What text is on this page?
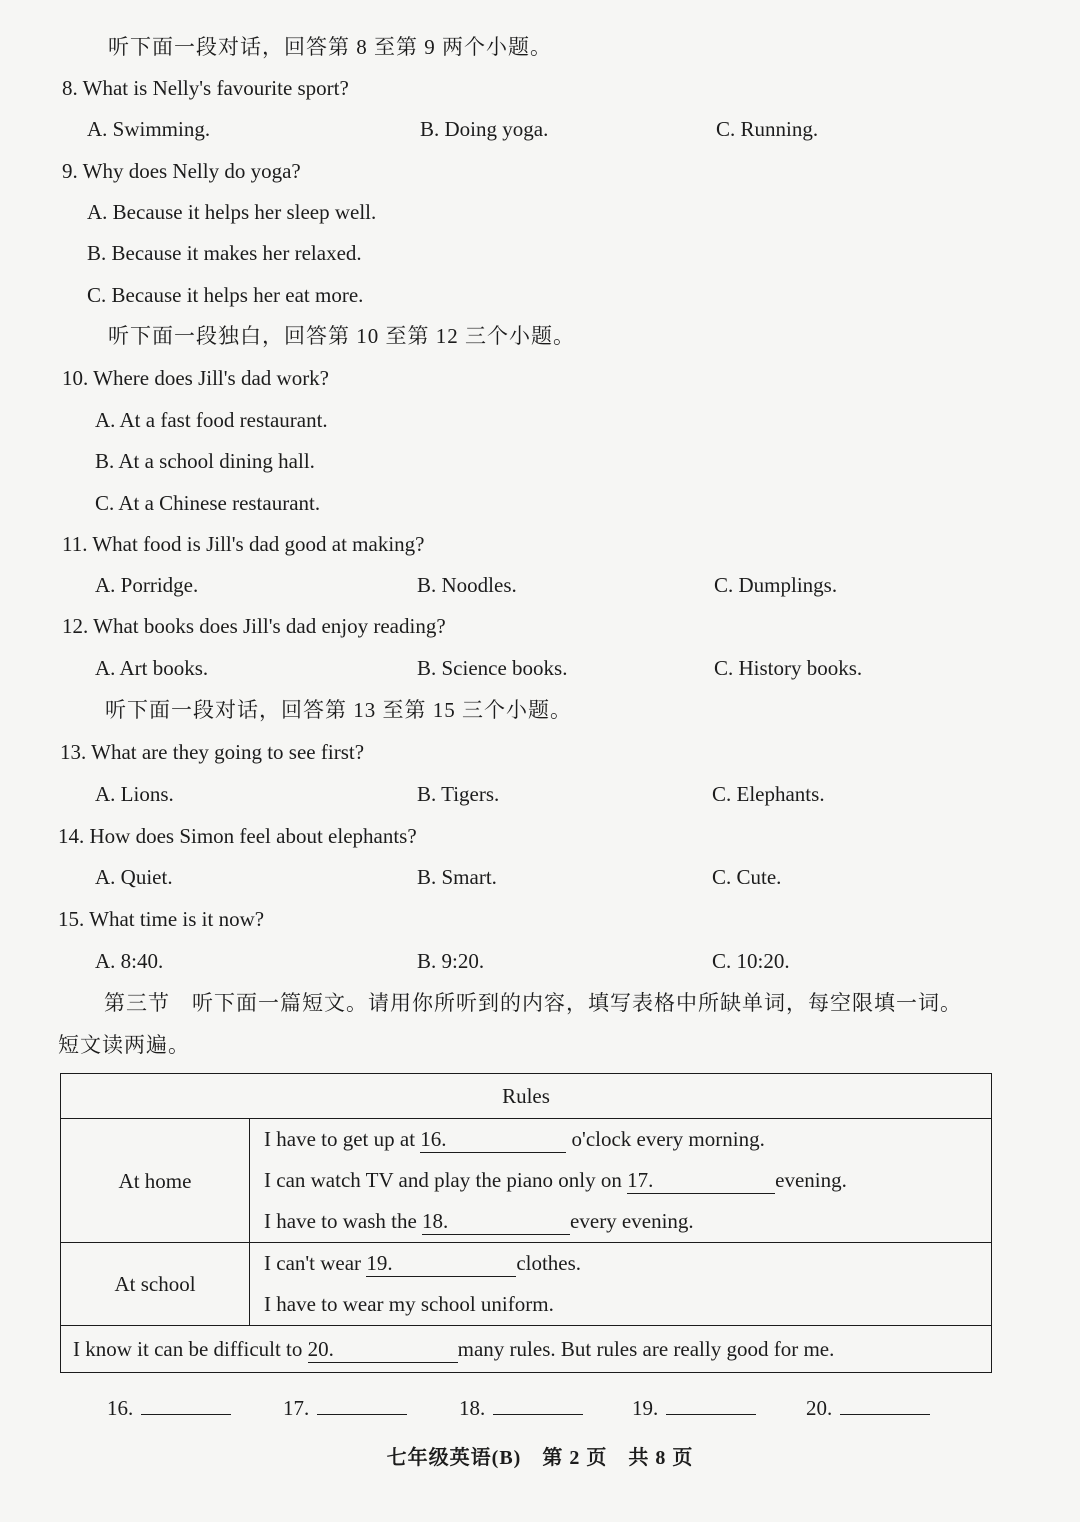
听下面一段对话，回答第 8 至第 9 两个小题。
8. What is Nelly's favourite sport?
A. Swimming.	B. Doing yoga.	C. Running.
9. Why does Nelly do yoga?
A. Because it helps her sleep well.
B. Because it makes her relaxed.
C. Because it helps her eat more.
听下面一段独白，回答第 10 至第 12 三个小题。
10. Where does Jill's dad work?
A. At a fast food restaurant.
B. At a school dining hall.
C. At a Chinese restaurant.
11. What food is Jill's dad good at making?
A. Porridge.	B. Noodles.	C. Dumplings.
12. What books does Jill's dad enjoy reading?
A. Art books.	B. Science books.	C. History books.
听下面一段对话，回答第 13 至第 15 三个小题。
13. What are they going to see first?
A. Lions.	B. Tigers.	C. Elephants.
14. How does Simon feel about elephants?
A. Quiet.	B. Smart.	C. Cute.
15. What time is it now?
A. 8:40.	B. 9:20.	C. 10:20.
第三节　听下面一篇短文。请用你所听到的内容，填写表格中所缺单词，每空限填一词。
短文读两遍。
Rules	
At home	I have to get up at 16. o'clock every morning.
I can watch TV and play the piano only on 17. evening.
I have to wash the 18. every evening.

At school	I can't wear 19. clothes.
I have to wear my school uniform.

I know it can be difficult to 20. many rules. But rules are really good for me.	
16.	17.	18.	19.	20.
七年级英语(B)　第 2 页　共 8 页
